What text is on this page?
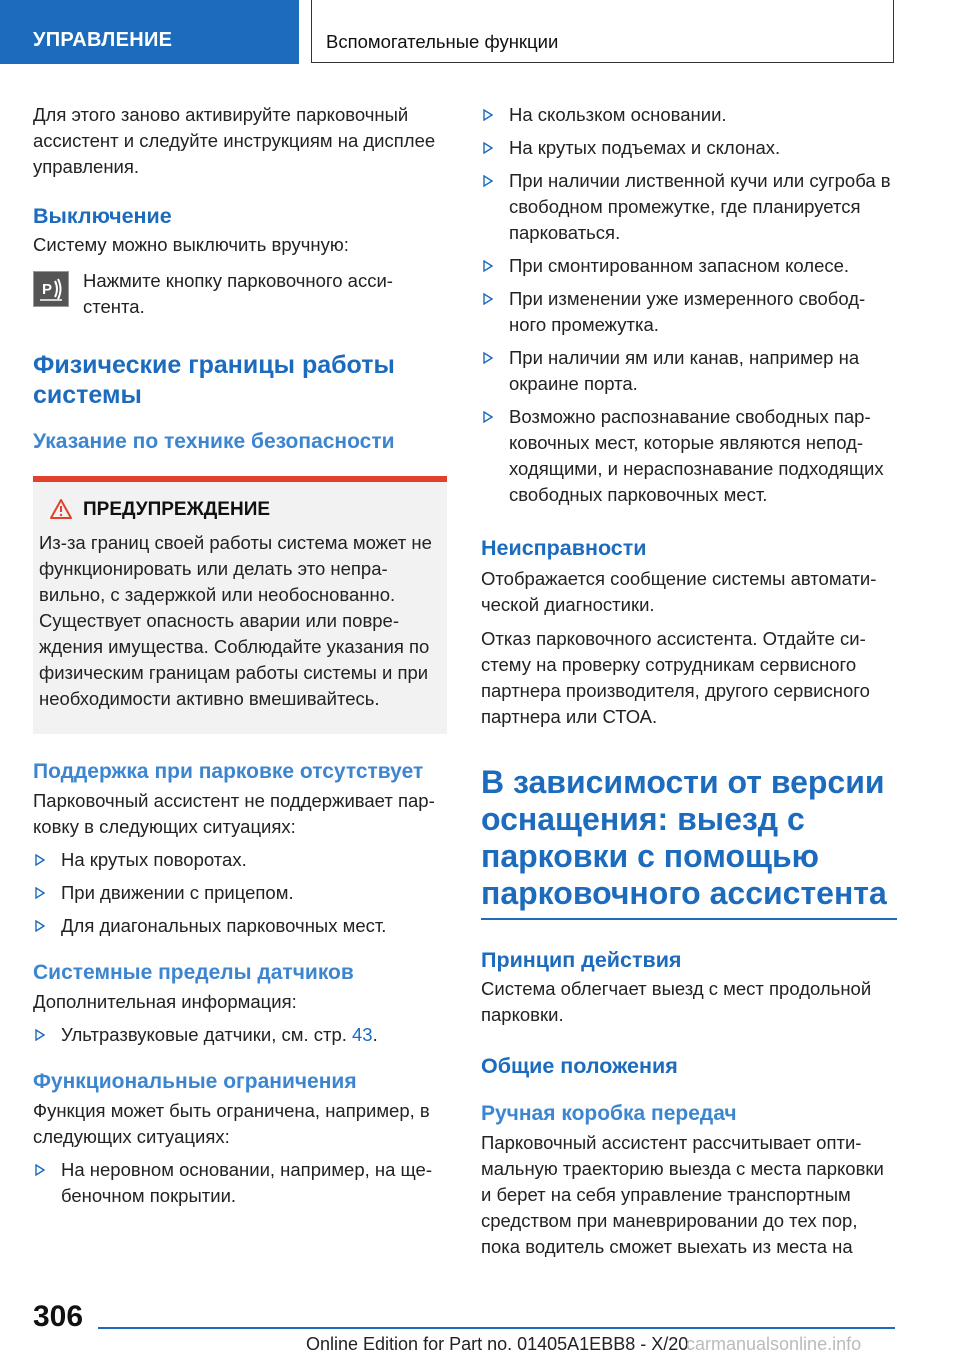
УПРАВЛЕНИЕ	Вспомогательные функции

Для этого заново активируйте парковочный ассистент и следуйте инструкциям на дисплее управления.

Выключение

Систему можно выключить вручную:

P Нажмите кнопку парковочного асси-стента.

Физические границы работы системы
Указание по технике безопасности
ПРЕДУПРЕЖДЕНИЕ

Из-за границ своей работы система может не функционировать или делать это непра-вильно, с задержкой или необоснованно. Существует опасность аварии или повре-ждения имущества. Соблюдайте указания по физическим границам работы системы и при необходимости активно вмешивайтесь.

Поддержка при парковке отсутствует

Парковочный ассистент не поддерживает пар-ковку в следующих ситуациях:

На крутых поворотах.
При движении с прицепом.
Для диагональных парковочных мест.
Системные пределы датчиков

Дополнительная информация:

Ультразвуковые датчики, см. стр. 43.
Функциональные ограничения

Функция может быть ограничена, например, в следующих ситуациях:

На неровном основании, например, на ще-беночном покрытии.
На скользком основании.
На крутых подъемах и склонах.
При наличии лиственной кучи или сугроба в свободном промежутке, где планируется парковаться.
При смонтированном запасном колесе.
При изменении уже измеренного свобод-ного промежутка.
При наличии ям или канав, например на окраине порта.
Возможно распознавание свободных пар-ковочных мест, которые являются непод-ходящими, и нераспознавание подходящих свободных парковочных мест.
Неисправности

Отображается сообщение системы автомати-ческой диагностики.

Отказ парковочного ассистента. Отдайте си-стему на проверку сотрудникам сервисного партнера производителя, другого сервисного партнера или СТОА.

В зависимости от версии оснащения: выезд с парковки с помощью парковочного ассистента
Принцип действия

Система облегчает выезд с мест продольной парковки.

Общие положения
Ручная коробка передач

Парковочный ассистент рассчитывает опти-мальную траекторию выезда с места парковки и берет на себя управление транспортным средством при маневрировании до тех пор, пока водитель сможет выехать из места на

306
Online Edition for Part no. 01405A1EBB8 - X/20
carmanualsonline.info
